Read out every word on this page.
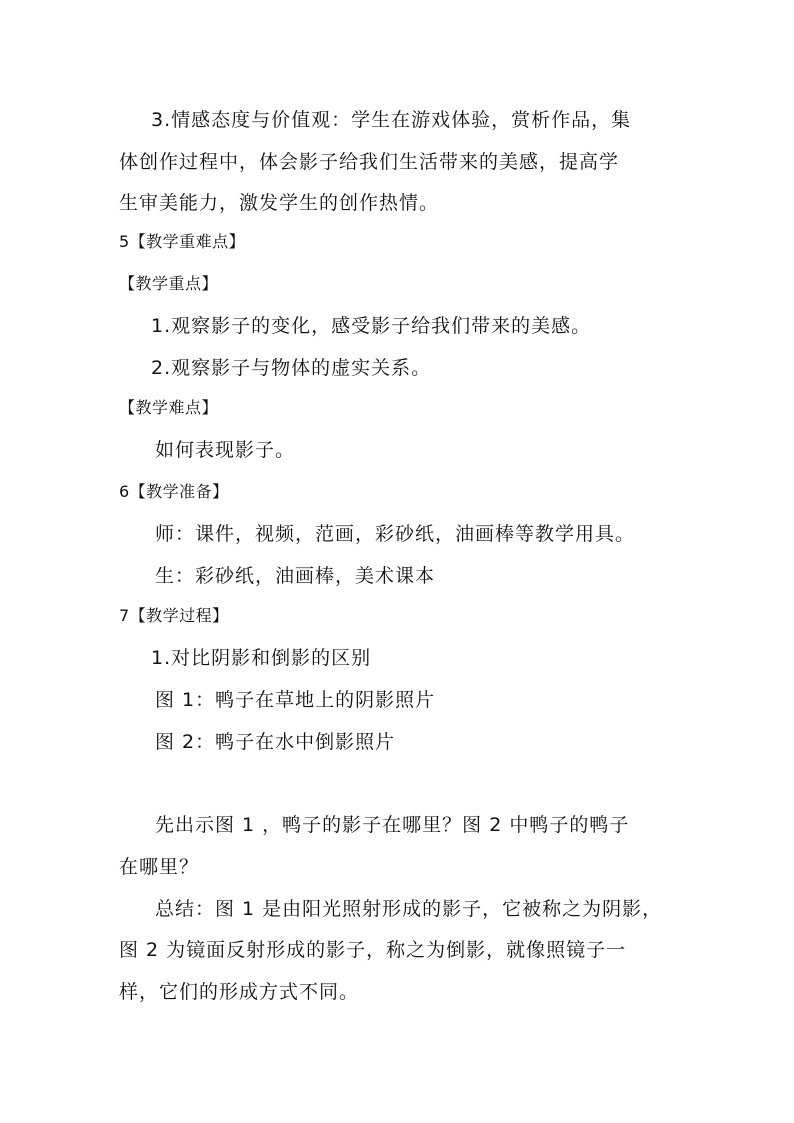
3.情感态度与价值观：学生在游戏体验，赏析作品，集
体创作过程中，体会影子给我们生活带来的美感，提高学
生审美能力，激发学生的创作热情。
5【教学重难点】
【教学重点】
1.观察影子的变化，感受影子给我们带来的美感。
2.观察影子与物体的虚实关系。
【教学难点】
如何表现影子。
6【教学准备】
师：课件，视频，范画，彩砂纸，油画棒等教学用具。
生：彩砂纸，油画棒，美术课本
7【教学过程】
1.对比阴影和倒影的区别
图 1：鸭子在草地上的阴影照片
图 2：鸭子在水中倒影照片
先出示图 1 ，鸭子的影子在哪里？图 2 中鸭子的鸭子
在哪里？
总结：图 1 是由阳光照射形成的影子，它被称之为阴影，
图 2 为镜面反射形成的影子，称之为倒影，就像照镜子一
样，它们的形成方式不同。
